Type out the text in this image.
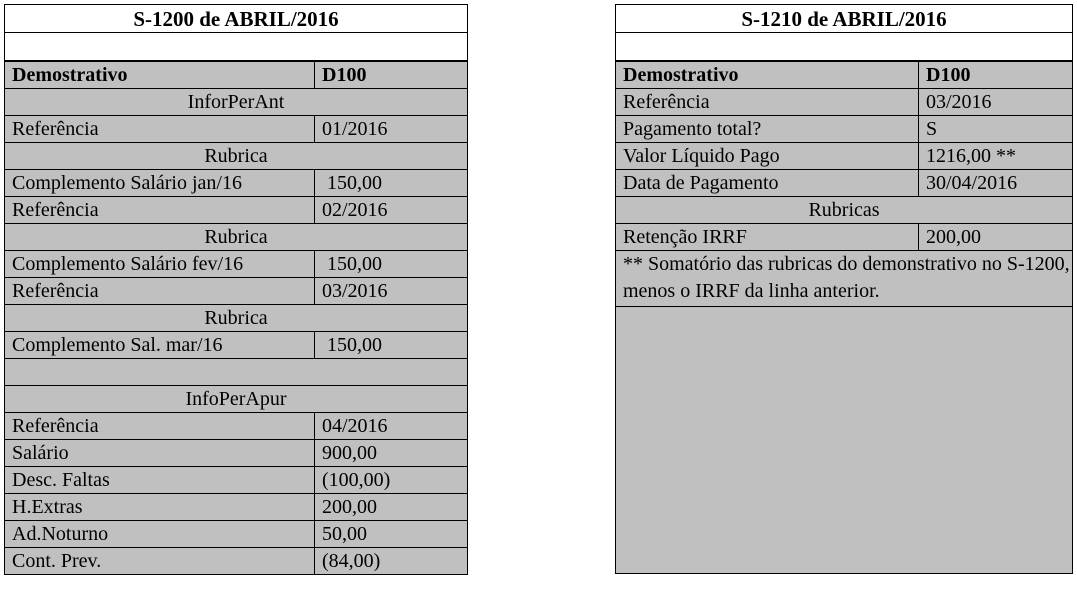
S-1200 de ABRIL/2016
Demostrativo	D100
InforPerAnt	
Referência	01/2016
Rubrica	
Complemento Salário jan/16	150,00
Referência	02/2016
Rubrica	
Complemento Salário fev/16	150,00
Referência	03/2016
Rubrica	
Complemento Sal. mar/16	150,00

InfoPerApur	
Referência	04/2016
Salário	900,00
Desc. Faltas	(100,00)
H.Extras	200,00
Ad.Noturno	50,00
Cont. Prev.	(84,00)
S-1210 de ABRIL/2016
Demostrativo	D100
Referência	03/2016
Pagamento total?	S
Valor Líquido Pago	1216,00 **
Data de Pagamento	30/04/2016
Rubricas	
Retenção IRRF	200,00
** Somatório das rubricas do demonstrativo no S-1200, menos o IRRF da linha anterior.	
